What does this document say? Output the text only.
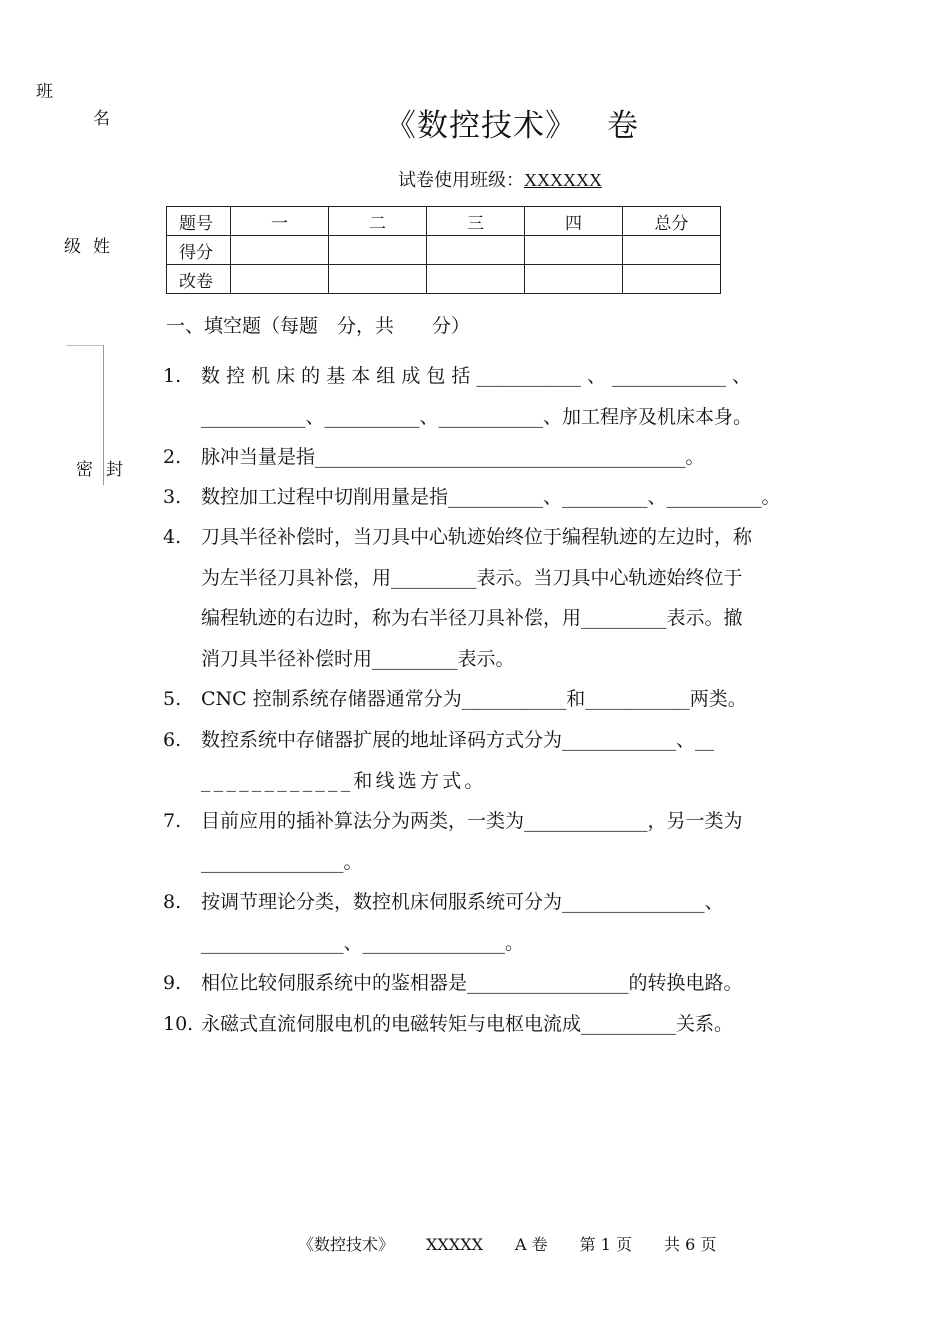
班
名
级 姓
密 封
《数控技术》 卷
试卷使用班级：XXXXXX
题号	一	二	三	四	总分
得分					
改卷					
一、填空题（每题　分，共　　分）
1. 数 控 机 床 的 基 本 组 成 包 括 ___________ 、 ____________ 、
___________、__________、___________、加工程序及机床本身。
2. 脉冲当量是指_______________________________________。
3. 数控加工过程中切削用量是指__________、_________、__________。
4. 刀具半径补偿时，当刀具中心轨迹始终位于编程轨迹的左边时，称
为左半径刀具补偿，用_________表示。当刀具中心轨迹始终位于
编程轨迹的右边时，称为右半径刀具补偿，用_________表示。撤
消刀具半径补偿时用_________表示。
5. CNC 控制系统存储器通常分为___________和___________两类。
6. 数控系统中存储器扩展的地址译码方式分为____________、__
____________和线选方式。
7. 目前应用的插补算法分为两类，一类为_____________，另一类为
_______________。
8. 按调节理论分类，数控机床伺服系统可分为_______________、
_______________、_______________。
9. 相位比较伺服系统中的鉴相器是_________________的转换电路。
10. 永磁式直流伺服电机的电磁转矩与电枢电流成__________关系。
《数控技术》 XXXXX A 卷 第 1 页 共 6 页
